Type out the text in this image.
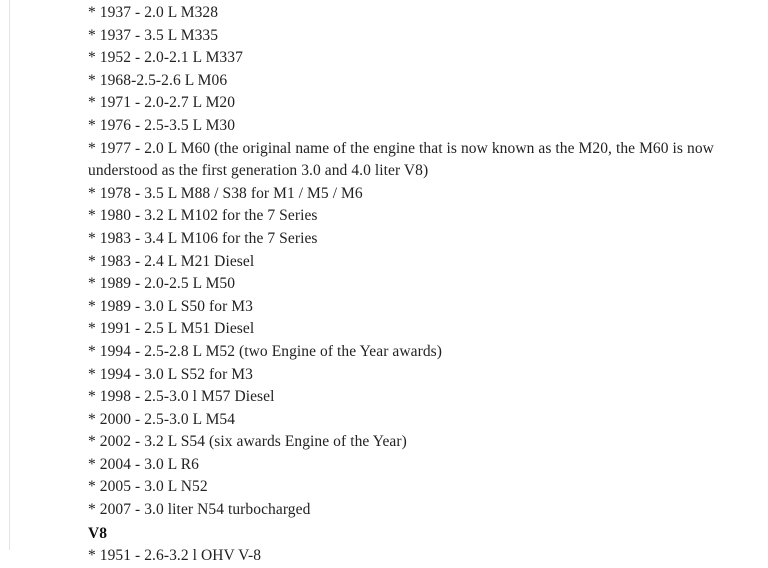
* 1937 - 2.0 L M328
* 1937 - 3.5 L M335
* 1952 - 2.0-2.1 L M337
* 1968-2.5-2.6 L M06
* 1971 - 2.0-2.7 L M20
* 1976 - 2.5-3.5 L M30
* 1977 - 2.0 L M60 (the original name of the engine that is now known as the M20, the M60 is now understood as the first generation 3.0 and 4.0 liter V8)
* 1978 - 3.5 L M88 / S38 for M1 / M5 / M6
* 1980 - 3.2 L M102 for the 7 Series
* 1983 - 3.4 L M106 for the 7 Series
* 1983 - 2.4 L M21 Diesel
* 1989 - 2.0-2.5 L M50
* 1989 - 3.0 L S50 for M3
* 1991 - 2.5 L M51 Diesel
* 1994 - 2.5-2.8 L M52 (two Engine of the Year awards)
* 1994 - 3.0 L S52 for M3
* 1998 - 2.5-3.0 l M57 Diesel
* 2000 - 2.5-3.0 L M54
* 2002 - 3.2 L S54 (six awards Engine of the Year)
* 2004 - 3.0 L R6
* 2005 - 3.0 L N52
* 2007 - 3.0 liter N54 turbocharged
V8
* 1951 - 2.6-3.2 l OHV V-8
